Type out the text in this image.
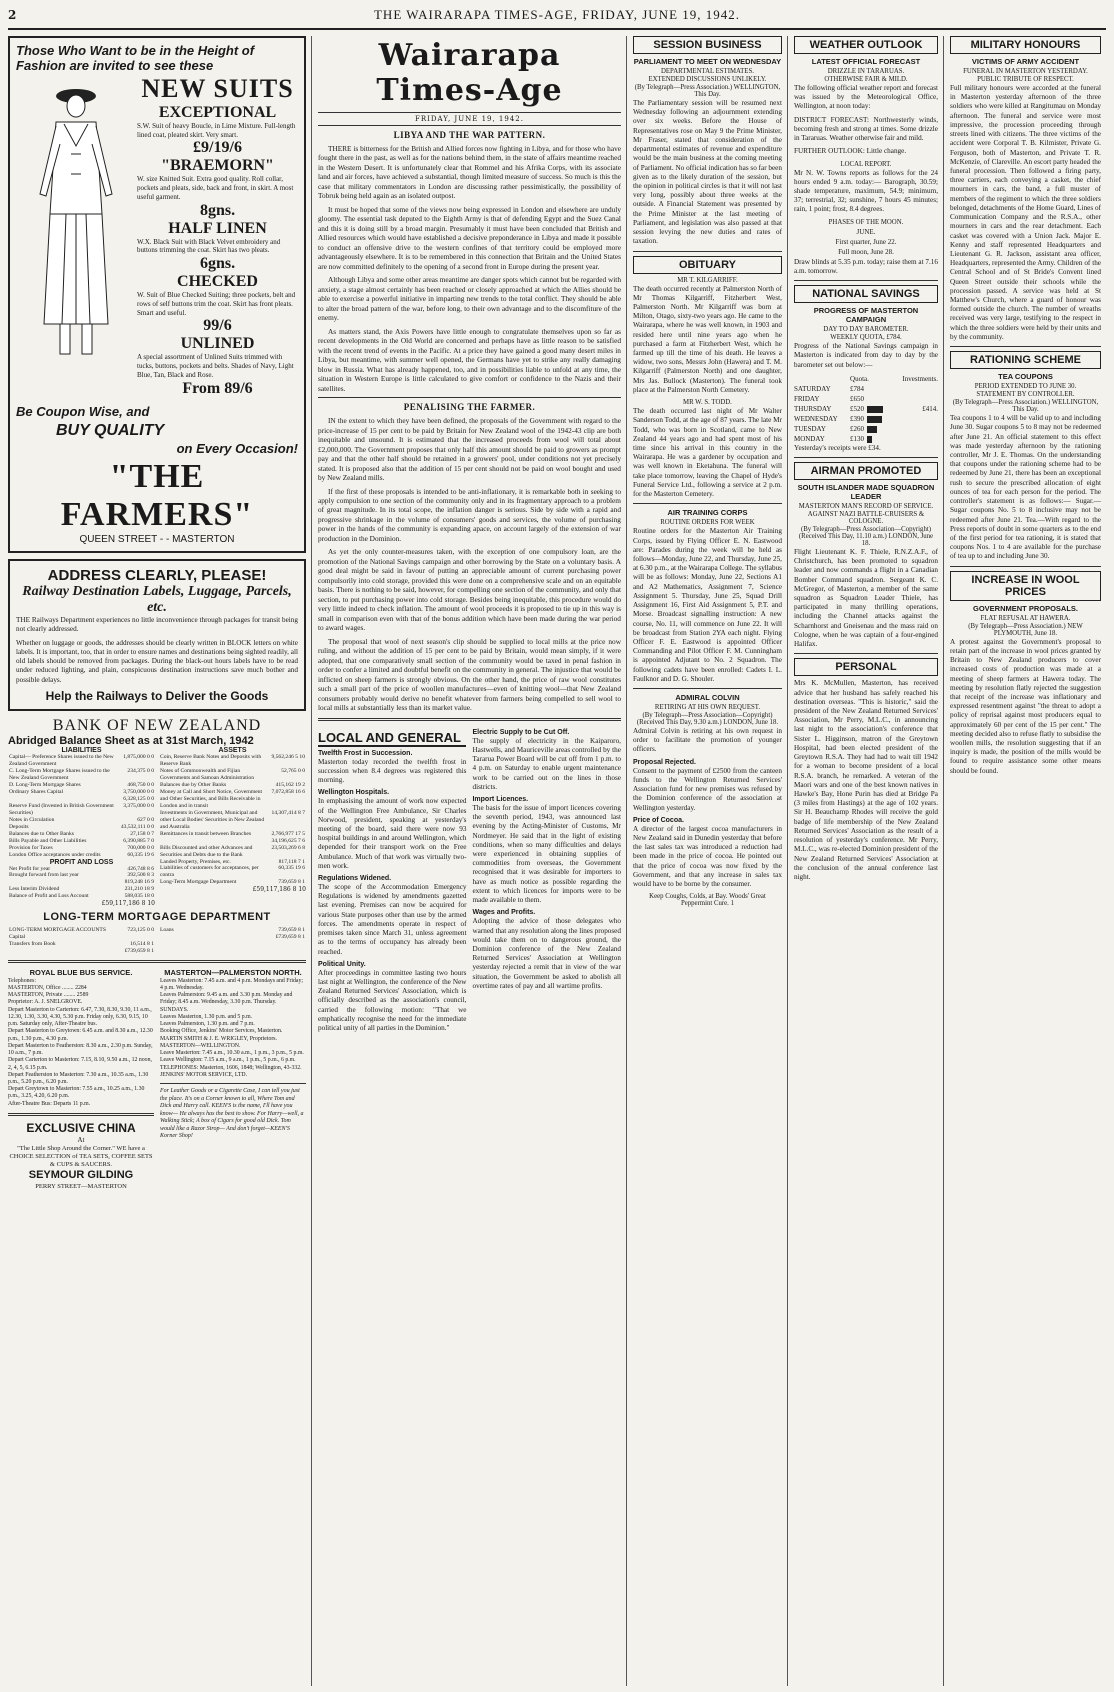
2	THE WAIRARAPA TIMES-AGE, FRIDAY, JUNE 19, 1942.
Those Who Want to be in the Height of Fashion are invited to see these
NEW SUITS
EXCEPTIONAL
S.W. Suit of heavy Boucle, in Lime Mixture. Full-length lined coat, pleated skirt. Very smart.
£9/19/6
"BRAEMORN"
W. size Knitted Suit. Extra good quality. Roll collar, pockets and pleats, side, back and front, in skirt. A most useful garment.
8gns.
HALF LINEN
W.X. Black Suit with Black Velvet embroidery and buttons trimming the coat. Skirt has two pleats.
6gns.
CHECKED
W. Suit of Blue Checked Suiting; three pockets, belt and rows of self buttons trim the coat. Skirt has front pleats. Smart and useful.
99/6
UNLINED
A special assortment of Unlined Suits trimmed with tucks, buttons, pockets and belts. Shades of Navy, Light Blue, Tan, Black and Rose.
From 89/6
Be Coupon Wise, and
BUY QUALITY
on Every Occasion!
"THE FARMERS"
QUEEN STREET - - MASTERTON
ADDRESS CLEARLY, PLEASE!
Railway Destination Labels, Luggage, Parcels, etc.

THE Railways Department experiences no little inconvenience through packages for transit being not clearly addressed.

Whether on luggage or goods, the addresses should be clearly written in BLOCK letters on white labels. It is important, too, that in order to ensure names and destinations being sighted readily, all old labels should be removed from packages. During the black-out hours labels have to be read under reduced lighting, and plain, conspicuous destination instructions save much bother and possible delays.

Help the Railways to Deliver the Goods
BANK OF NEW ZEALAND
Abridged Balance Sheet as at 31st March, 1942
LIABILITIES
Capital— Preference Shares issued to the New Zealand Government	1,875,000 0 0
C. Long-Term Mortgage Shares issued to the New Zealand Government	234,375 0 0
D. Long-Term Mortgage Shares	468,750 0 0
Ordinary Shares Capital	3,750,000 0 0
	6,328,125 0 0
Reserve Fund (Invested in British Government Securities)	3,375,000 0 0
Notes in Circulation	627 0 0
Deposits	43,532,111 0 0
Balances due to Other Banks	27,158 0 7
Bills Payable and Other Liabilities	6,390,885 7 0
Provision for Taxes	700,000 0 0
London Office acceptances under credits	60,335 19 6
PROFIT AND LOSS
Net Profit for year	426,748 8 6
Brought forward from last year	392,500 8 3
	819,248 16 9
Less Interim Dividend	231,210 18 9
Balance of Profit and Loss Account	588,035 18 0
£59,117,186 8 10
ASSETS
Coin, Reserve Bank Notes and Deposits with Reserve Bank	9,562,246 5 10
Notes of Commonwealth and Fijian Governments and Samoan Administration	52,765 0 0
Balances due by Other Banks	415,162 19 2
Money at Call and Short Notice, Government and Other Securities, and Bills Receivable in London and in transit	7,072,858 16 6
Investments in Government, Municipal and other Local Bodies' Securities in New Zealand and Australia	14,307,414 8 7
Remittances in transit between Branches	2,766,977 17 5
	34,196,625 7 6
Bills Discounted and other Advances and Securities and Debts due to the Bank	23,503,269 6 8
Landed Property, Premises, etc.	817,118 7 1
Liabilities of customers for acceptances, per contra	60,335 19 6
Long-Term Mortgage Department	739,659 8 1
£59,117,186 8 10
LONG-TERM MORTGAGE DEPARTMENT
LONG-TERM MORTGAGE ACCOUNTS Capital	723,125 0 0
Transfers from Book	16,514 8 1
	£739,659 8 1
Loans	739,659 8 1
	£739,659 8 1
ROYAL BLUE BUS SERVICE.
Telephones:
MASTERTON, Office ........ 2284
MASTERTON, Private ........ 2589
Proprietor: A. J. SNELGROVE.
Depart Masterton to Carterton: 6.47, 7.30, 8.30, 9.30, 11 a.m., 12.30, 1.30, 3.30, 4.30, 5.30 p.m. Friday only, 6.30, 9.15, 10 p.m. Saturday only, After-Theatre bus.
Depart Masterton to Greytown: 6.45 a.m. and 8.30 a.m., 12.30 p.m., 1.30 p.m., 4.30 p.m.
Depart Masterton to Featherston: 8.30 a.m., 2.30 p.m. Sunday, 10 a.m., 7 p.m.
Depart Carterton to Masterton: 7.15, 8.10, 9.50 a.m., 12 noon, 2, 4, 5, 6.15 p.m.
Depart Featherston to Masterton: 7.30 a.m., 10.35 a.m., 1.30 p.m., 5.20 p.m., 6.20 p.m.
Depart Greytown to Masterton: 7.55 a.m., 10.25 a.m., 1.30 p.m., 3.25, 4.20, 6.20 p.m.
After-Theatre Bus: Departs 11 p.m.
EXCLUSIVE CHINA
At
"The Little Shop Around the Corner." WE have a CHOICE SELECTION of TEA SETS, COFFEE SETS & CUPS & SAUCERS.
SEYMOUR GILDING
PERRY STREET—MASTERTON
MASTERTON—PALMERSTON NORTH.
Leaves Masterton: 7.45 a.m. and 4 p.m. Mondays and Friday; 4 p.m. Wednesday.
Leaves Palmerston: 9.45 a.m. and 3.30 p.m. Monday and Friday; 8.45 a.m. Wednesday, 3.30 p.m. Thursday.
SUNDAYS.
Leaves Masterton, 1.30 p.m. and 5 p.m.
Leaves Palmerston, 1.30 p.m. and 7 p.m.
Booking Office, Jenkins' Motor Services, Masterton.
MARTIN SMITH & J. E. WRIGLEY, Proprietors.
MASTERTON—WELLINGTON.
Leave Masterton: 7.45 a.m., 10.30 a.m., 1 p.m., 3 p.m., 5 p.m.
Leave Wellington: 7.15 a.m., 9 a.m., 1 p.m., 5 p.m., 6 p.m.
TELEPHONES: Masterton, 1606, 1848; Wellington, 43-332.
JENKINS' MOTOR SERVICE, LTD.
For Leather Goods or a Cigarette Case, I can tell you just the place. It's on a Corner known to all, Where Tom and Dick and Harry call. KEEN'S is the name, I'll have you know— He always has the best to show. For Harry—well, a Walking Stick; A box of Cigars for good old Dick. Tom would like a Razor Strop— And don't forget—KEEN'S Korner Shop!
Wairarapa Times-Age
FRIDAY, JUNE 19, 1942.
LIBYA AND THE WAR PATTERN.

THERE is bitterness for the British and Allied forces now fighting in Libya, and for those who have fought there in the past, as well as for the nations behind them, in the state of affairs meantime reached in the Western Desert. It is unfortunately clear that Rommel and his Afrika Corps, with its associate land and air forces, have achieved a substantial, though limited measure of success. So much is this the case that military commentators in London are discussing rather pessimistically, the possibility of Tobruk being held again as an isolated outpost.

It must be hoped that some of the views now being expressed in London and elsewhere are unduly gloomy. The essential task deputed to the Eighth Army is that of defending Egypt and the Suez Canal and this it is doing still by a broad margin. Presumably it must have been concluded that British and Allied resources which would have established a decisive preponderance in Libya and made it possible to conduct an offensive drive to the western confines of that territory could be employed more advantageously elsewhere. It is to be remembered in this connection that Britain and the United States are now committed definitely to the opening of a second front in Europe during the present year.

Although Libya and some other areas meantime are danger spots which cannot but be regarded with anxiety, a stage almost certainly has been reached or closely approached at which the Allies should be able to exercise a powerful initiative in imparting new trends to the total conflict. They should be able to alter the broad pattern of the war, before long, to their own advantage and to the discomfiture of the enemy.

As matters stand, the Axis Powers have little enough to congratulate themselves upon so far as recent developments in the Old World are concerned and perhaps have as little reason to be satisfied with the recent trend of events in the Pacific. At a price they have gained a good many desert miles in Libya, but meantime, with summer well opened, the Germans have yet to strike any really damaging blow in Russia. What has already happened, too, and in possibilities liable to unfold at any time, the situation in Western Europe is little calculated to give comfort or confidence to the Nazis and their satellites.

PENALISING THE FARMER.

IN the extent to which they have been defined, the proposals of the Government with regard to the price-increase of 15 per cent to be paid by Britain for New Zealand wool of the 1942-43 clip are both inequitable and unsound. It is estimated that the increased proceeds from wool will total about £2,000,000. The Government proposes that only half this amount should be paid to growers as prompt pay and that the other half should be retained in a growers' pool, under conditions not yet precisely stated. It is proposed also that the addition of 15 per cent should not be paid on wool bought and used by New Zealand mills.

If the first of these proposals is intended to be anti-inflationary, it is remarkable both in seeking to apply compulsion to one section of the community only and in its fragmentary approach to a problem of great magnitude. In its total scope, the inflation danger is serious. Side by side with a rapid and progressive shrinkage in the volume of consumers' goods and services, the volume of purchasing power in the hands of the community is expanding apace, on account largely of the extension of war production in the Dominion.

As yet the only counter-measures taken, with the exception of one compulsory loan, are the promotion of the National Savings campaign and other borrowing by the State on a voluntary basis. A good deal might be said in favour of putting an appreciable amount of current purchasing power compulsorily into cold storage, provided this were done on a comprehensive scale and on an equitable basis. There is nothing to be said, however, for compelling one section of the community, and only that section, to put purchasing power into cold storage. Besides being inequitable, this procedure would do very little indeed to check inflation. The amount of wool proceeds it is proposed to tie up in this way is small in comparison even with that of the bonus addition which have been made during the war period to award wages.

The proposal that wool of next season's clip should be supplied to local mills at the price now ruling, and without the addition of 15 per cent to be paid by Britain, would mean simply, if it were adopted, that one comparatively small section of the community would be taxed in penal fashion in order to confer a limited and doubtful benefit on the community in general. The injustice that would be inflicted on sheep farmers is strongly obvious. On the other hand, the price of raw wool constitutes such a small part of the price of woollen manufactures—even of knitting wool—that New Zealand consumers probably would derive no benefit whatever from farmers being compelled to sell wool to local mills at substantially less than its market value.

LOCAL AND GENERAL
Twelfth Frost in Succession.

Masterton today recorded the twelfth frost in succession when 8.4 degrees was registered this morning.

Wellington Hospitals.

In emphasising the amount of work now expected of the Wellington Free Ambulance, Sir Charles Norwood, president, speaking at yesterday's meeting of the board, said there were now 93 hospital buildings in and around Wellington, which depended for their transport work on the Free Ambulance. Much of that work was virtually two-men work.

Regulations Widened.

The scope of the Accommodation Emergency Regulations is widened by amendments gazetted last evening. Premises can now be acquired for various State purposes other than use by the armed forces. The amendments operate in respect of premises taken since March 31, unless agreement as to the terms of occupancy has already been reached.

Political Unity.

After proceedings in committee lasting two hours last night at Wellington, the conference of the New Zealand Returned Services' Association, which is officially described as the association's council, carried the following motion: "That we emphatically recognise the need for the immediate political unity of all parties in the Dominion."

Electric Supply to be Cut Off.

The supply of electricity in the Kaiparoro, Hastwells, and Mauriceville areas controlled by the Tararua Power Board will be cut off from 1 p.m. to 4 p.m. on Saturday to enable urgent maintenance work to be carried out on the lines in those districts.

Import Licences.

The basis for the issue of import licences covering the seventh period, 1943, was announced last evening by the Acting-Minister of Customs, Mr Nordmeyer. He said that in the light of existing conditions, when so many difficulties and delays were experienced in obtaining supplies of commodities from overseas, the Government recognised that it was desirable for importers to have as much notice as possible regarding the extent to which licences for imports were to be made available to them.

Wages and Profits.

Adopting the advice of those delegates who warned that any resolution along the lines proposed would take them on to dangerous ground, the Dominion conference of the New Zealand Returned Services' Association at Wellington yesterday rejected a remit that in view of the war situation, the Government be asked to abolish all overtime rates of pay and all wartime profits.

SESSION BUSINESS
PARLIAMENT TO MEET ON WEDNESDAY
DEPARTMENTAL ESTIMATES.
EXTENDED DISCUSSIONS UNLIKELY.
(By Telegraph—Press Association.) WELLINGTON, This Day.

The Parliamentary session will be resumed next Wednesday following an adjournment extending over six weeks. Before the House of Representatives rose on May 9 the Prime Minister, Mr Fraser, stated that consideration of the departmental estimates of revenue and expenditure would be the main business at the coming meeting of Parliament. No official indication has so far been given as to the likely duration of the session, but the opinion in political circles is that it will not last very long, possibly about three weeks at the outside. A Financial Statement was presented by the Prime Minister at the last meeting of Parliament, and legislation was also passed at that session levying the new duties and rates of taxation.

OBITUARY
MR T. KILGARRIFF.

The death occurred recently at Palmerston North of Mr Thomas Kilgarriff, Fitzherbert West, Palmerston North. Mr Kilgarriff was born at Milton, Otago, sixty-two years ago. He came to the Wairarapa, where he was well known, in 1903 and resided here until nine years ago when he purchased a farm at Fitzherbert West, which he farmed up till the time of his death. He leaves a widow, two sons, Messrs John (Hawera) and T. M. Kilgarriff (Palmerston North) and one daughter, Mrs Jas. Bullock (Masterton). The funeral took place at the Palmerston North Cemetery.

MR W. S. TODD.

The death occurred last night of Mr Walter Sanderson Todd, at the age of 87 years. The late Mr Todd, who was born in Scotland, came to New Zealand 44 years ago and had spent most of his time since his arrival in this country in the Wairarapa. He was a gardener by occupation and was well known in Eketahuna. The funeral will take place tomorrow, leaving the Chapel of Hyde's Funeral Service Ltd., following a service at 2 p.m. for the Masterton Cemetery.

AIR TRAINING CORPS
ROUTINE ORDERS FOR WEEK

Routine orders for the Masterton Air Training Corps, issued by Flying Officer E. N. Eastwood are: Parades during the week will be held as follows—Monday, June 22, and Thursday, June 25, at 6.30 p.m., at the Wairarapa College. The syllabus will be as follows: Monday, June 22, Sections A1 and A2 Mathematics, Assignment 7, Science Assignment 5. Thursday, June 25, Squad Drill Assignment 16, First Aid Assignment 5, P.T. and Morse. Broadcast signalling instruction: A new course, No. 11, will commence on June 22. It will be broadcast from Station 2YA each night. Flying Officer F. E. Eastwood is appointed Officer Commanding and Pilot Officer F. M. Cunningham is appointed Adjutant to No. 2 Squadron. The following cadets have been enrolled: Cadets I. L. Faulknor and D. G. Shouler.

ADMIRAL COLVIN
RETIRING AT HIS OWN REQUEST.
(By Telegraph—Press Association—Copyright) (Received This Day, 9.30 a.m.) LONDON, June 18.

Admiral Colvin is retiring at his own request in order to facilitate the promotion of younger officers.

Proposal Rejected.

Consent to the payment of £2500 from the canteen funds to the Wellington Returned Services' Association fund for new premises was refused by the Dominion conference of the association at Wellington yesterday.

Price of Cocoa.

A director of the largest cocoa manufacturers in New Zealand said in Dunedin yesterday that before the last sales tax was introduced a reduction had been made in the price of cocoa. He pointed out that the price of cocoa was now fixed by the Government, and that any increase in sales tax would have to be borne by the consumer.

Keep Coughs, Colds, at Bay. Woods' Great Peppermint Cure. 1
WEATHER OUTLOOK
LATEST OFFICIAL FORECAST
DRIZZLE IN TARARUAS.
OTHERWISE FAIR & MILD.

The following official weather report and forecast was issued by the Meteorological Office, Wellington, at noon today:

DISTRICT FORECAST: Northwesterly winds, becoming fresh and strong at times. Some drizzle in Tararuas. Weather otherwise fair and mild.

FURTHER OUTLOOK: Little change.

LOCAL REPORT.

Mr N. W. Towns reports as follows for the 24 hours ended 9 a.m. today:— Barograph, 30.59; shade temperature, maximum, 54.9; minimum, 37; terrestrial, 32; sunshine, 7 hours 45 minutes; rain, 1 point; frost, 8.4 degrees.

PHASES OF THE MOON.
JUNE.
First quarter, June 22.
Full moon, June 28.

Draw blinds at 5.35 p.m. today; raise them at 7.16 a.m. tomorrow.

NATIONAL SAVINGS
PROGRESS OF MASTERTON CAMPAIGN
DAY TO DAY BAROMETER.
WEEKLY QUOTA, £784.

Progress of the National Savings campaign in Masterton is indicated from day to day by the barometer set out below:—

	Quota.	Investments.
SATURDAY	£784	
FRIDAY	£650	
THURSDAY	£520	£414.
WEDNESDAY	£390	
TUESDAY	£260	
MONDAY	£130	

Yesterday's receipts were £34.

AIRMAN PROMOTED
SOUTH ISLANDER MADE SQUADRON LEADER
MASTERTON MAN'S RECORD OF SERVICE.
AGAINST NAZI BATTLE-CRUISERS & COLOGNE.
(By Telegraph—Press Association—Copyright) (Received This Day, 11.10 a.m.) LONDON, June 18.

Flight Lieutenant K. F. Thiele, R.N.Z.A.F., of Christchurch, has been promoted to squadron leader and now commands a flight in a Canadian Bomber Command squadron. Sergeant K. C. McGregor, of Masterton, a member of the same squadron as Squadron Leader Thiele, has participated in many thrilling operations, including the Channel attacks against the Scharnhorst and Gneisenau and the mass raid on Cologne, when he was captain of a four-engined Halifax.

PERSONAL

Mrs K. McMullen, Masterton, has received advice that her husband has safely reached his destination overseas. "This is historic," said the president of the New Zealand Returned Services' Association, Mr Perry, M.L.C., in announcing last night to the association's conference that Sister L. Higginson, matron of the Greytown Hospital, had been elected president of the Greytown R.S.A. They had had to wait till 1942 for a woman to become president of a local R.S.A. branch, he remarked. A veteran of the Maori wars and one of the best known natives in Hawke's Bay, Hone Purin has died at Bridge Pa (3 miles from Hastings) at the age of 102 years. Sir H. Beauchamp Rhodes will receive the gold badge of life membership of the New Zealand Returned Services' Association as the result of a resolution of yesterday's conference. Mr Perry, M.L.C., was re-elected Dominion president of the New Zealand Returned Services' Association at the conclusion of the annual conference last night.

MILITARY HONOURS
VICTIMS OF ARMY ACCIDENT
FUNERAL IN MASTERTON YESTERDAY.
PUBLIC TRIBUTE OF RESPECT.

Full military honours were accorded at the funeral in Masterton yesterday afternoon of the three soldiers who were killed at Rangitumau on Monday afternoon. The funeral and service were most impressive, the procession proceeding through streets lined with citizens. The three victims of the accident were Corporal T. B. Kilmister, Private G. Ferguson, both of Masterton, and Private T. R. McKenzie, of Clareville. An escort party headed the funeral procession. Then followed a firing party, three carriers, each conveying a casket, the chief mourners in cars, the band, a full muster of members of the regiment to which the three soldiers belonged, detachments of the Home Guard, Lines of Communication Company and the R.S.A., other mourners in cars and the rear detachment. Each casket was covered with a Union Jack. Major E. Kenny and staff represented Headquarters and Lieutenant G. R. Jackson, assistant area officer, Headquarters, represented the Army. Children of the Central School and of St Bride's Convent lined Queen Street outside their schools while the procession passed. A service was held at St Matthew's Church, where a guard of honour was formed outside the church. The number of wreaths received was very large, testifying to the respect in which the three soldiers were held by their units and by the community.

RATIONING SCHEME
TEA COUPONS
PERIOD EXTENDED TO JUNE 30.
STATEMENT BY CONTROLLER.
(By Telegraph—Press Association.) WELLINGTON, This Day.

Tea coupons 1 to 4 will be valid up to and including June 30. Sugar coupons 5 to 8 may not be redeemed after June 21. An official statement to this effect was made yesterday afternoon by the rationing controller, Mr J. E. Thomas. On the understanding that coupons under the rationing scheme had to be redeemed by June 21, there has been an exceptional rush to secure the prescribed allocation of eight ounces of tea for each person for the period. The controller's statement is as follows:— Sugar.—Sugar coupons No. 5 to 8 inclusive may not be redeemed after June 21. Tea.—With regard to the Press reports of doubt in some quarters as to the end of the first period for tea rationing, it is stated that coupons Nos. 1 to 4 are available for the purchase of tea up to and including June 30.

INCREASE IN WOOL PRICES
GOVERNMENT PROPOSALS.
FLAT REFUSAL AT HAWERA.
(By Telegraph—Press Association.) NEW PLYMOUTH, June 18.

A protest against the Government's proposal to retain part of the increase in wool prices granted by Britain to New Zealand producers to cover increased costs of production was made at a meeting of sheep farmers at Hawera today. The meeting by resolution flatly rejected the suggestion that receipt of the increase was inflationary and expressed resentment against "the threat to adopt a policy of reprisal against most producers equal to approximately 60 per cent of the 15 per cent." The meeting decided also to refuse flatly to subsidise the woollen mills, the resolution suggesting that if an inquiry is made, the position of the mills would be found to require assistance some other means should be found.
